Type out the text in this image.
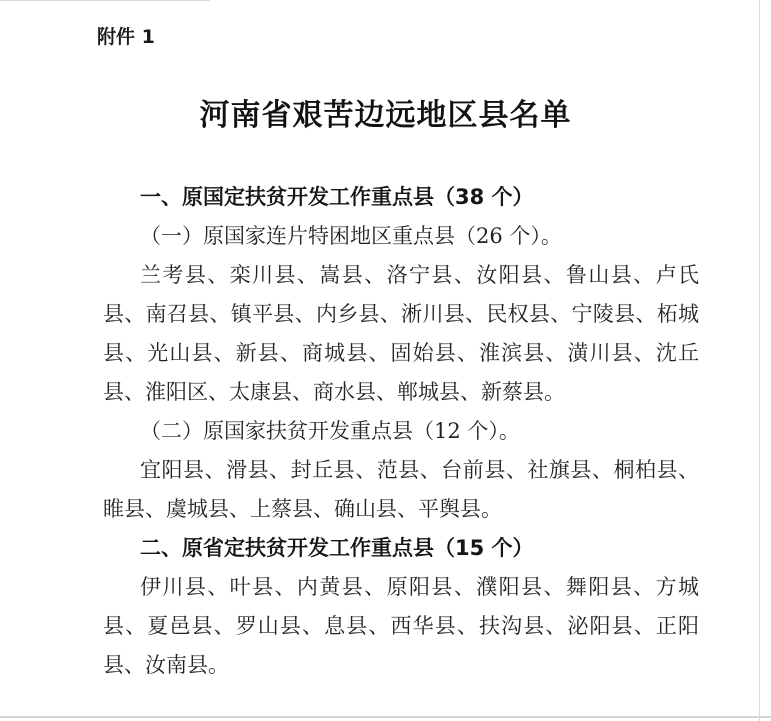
附件 1
河南省艰苦边远地区县名单

一、原国定扶贫开发工作重点县（38 个）

（一）原国家连片特困地区重点县（26 个）。

兰考县、栾川县、嵩县、洛宁县、汝阳县、鲁山县、卢氏县、南召县、镇平县、内乡县、淅川县、民权县、宁陵县、柘城县、光山县、新县、商城县、固始县、淮滨县、潢川县、沈丘县、淮阳区、太康县、商水县、郸城县、新蔡县。

（二）原国家扶贫开发重点县（12 个）。

宜阳县、滑县、封丘县、范县、台前县、社旗县、桐柏县、睢县、虞城县、上蔡县、确山县、平舆县。

二、原省定扶贫开发工作重点县（15 个）

伊川县、叶县、内黄县、原阳县、濮阳县、舞阳县、方城县、夏邑县、罗山县、息县、西华县、扶沟县、泌阳县、正阳县、汝南县。
